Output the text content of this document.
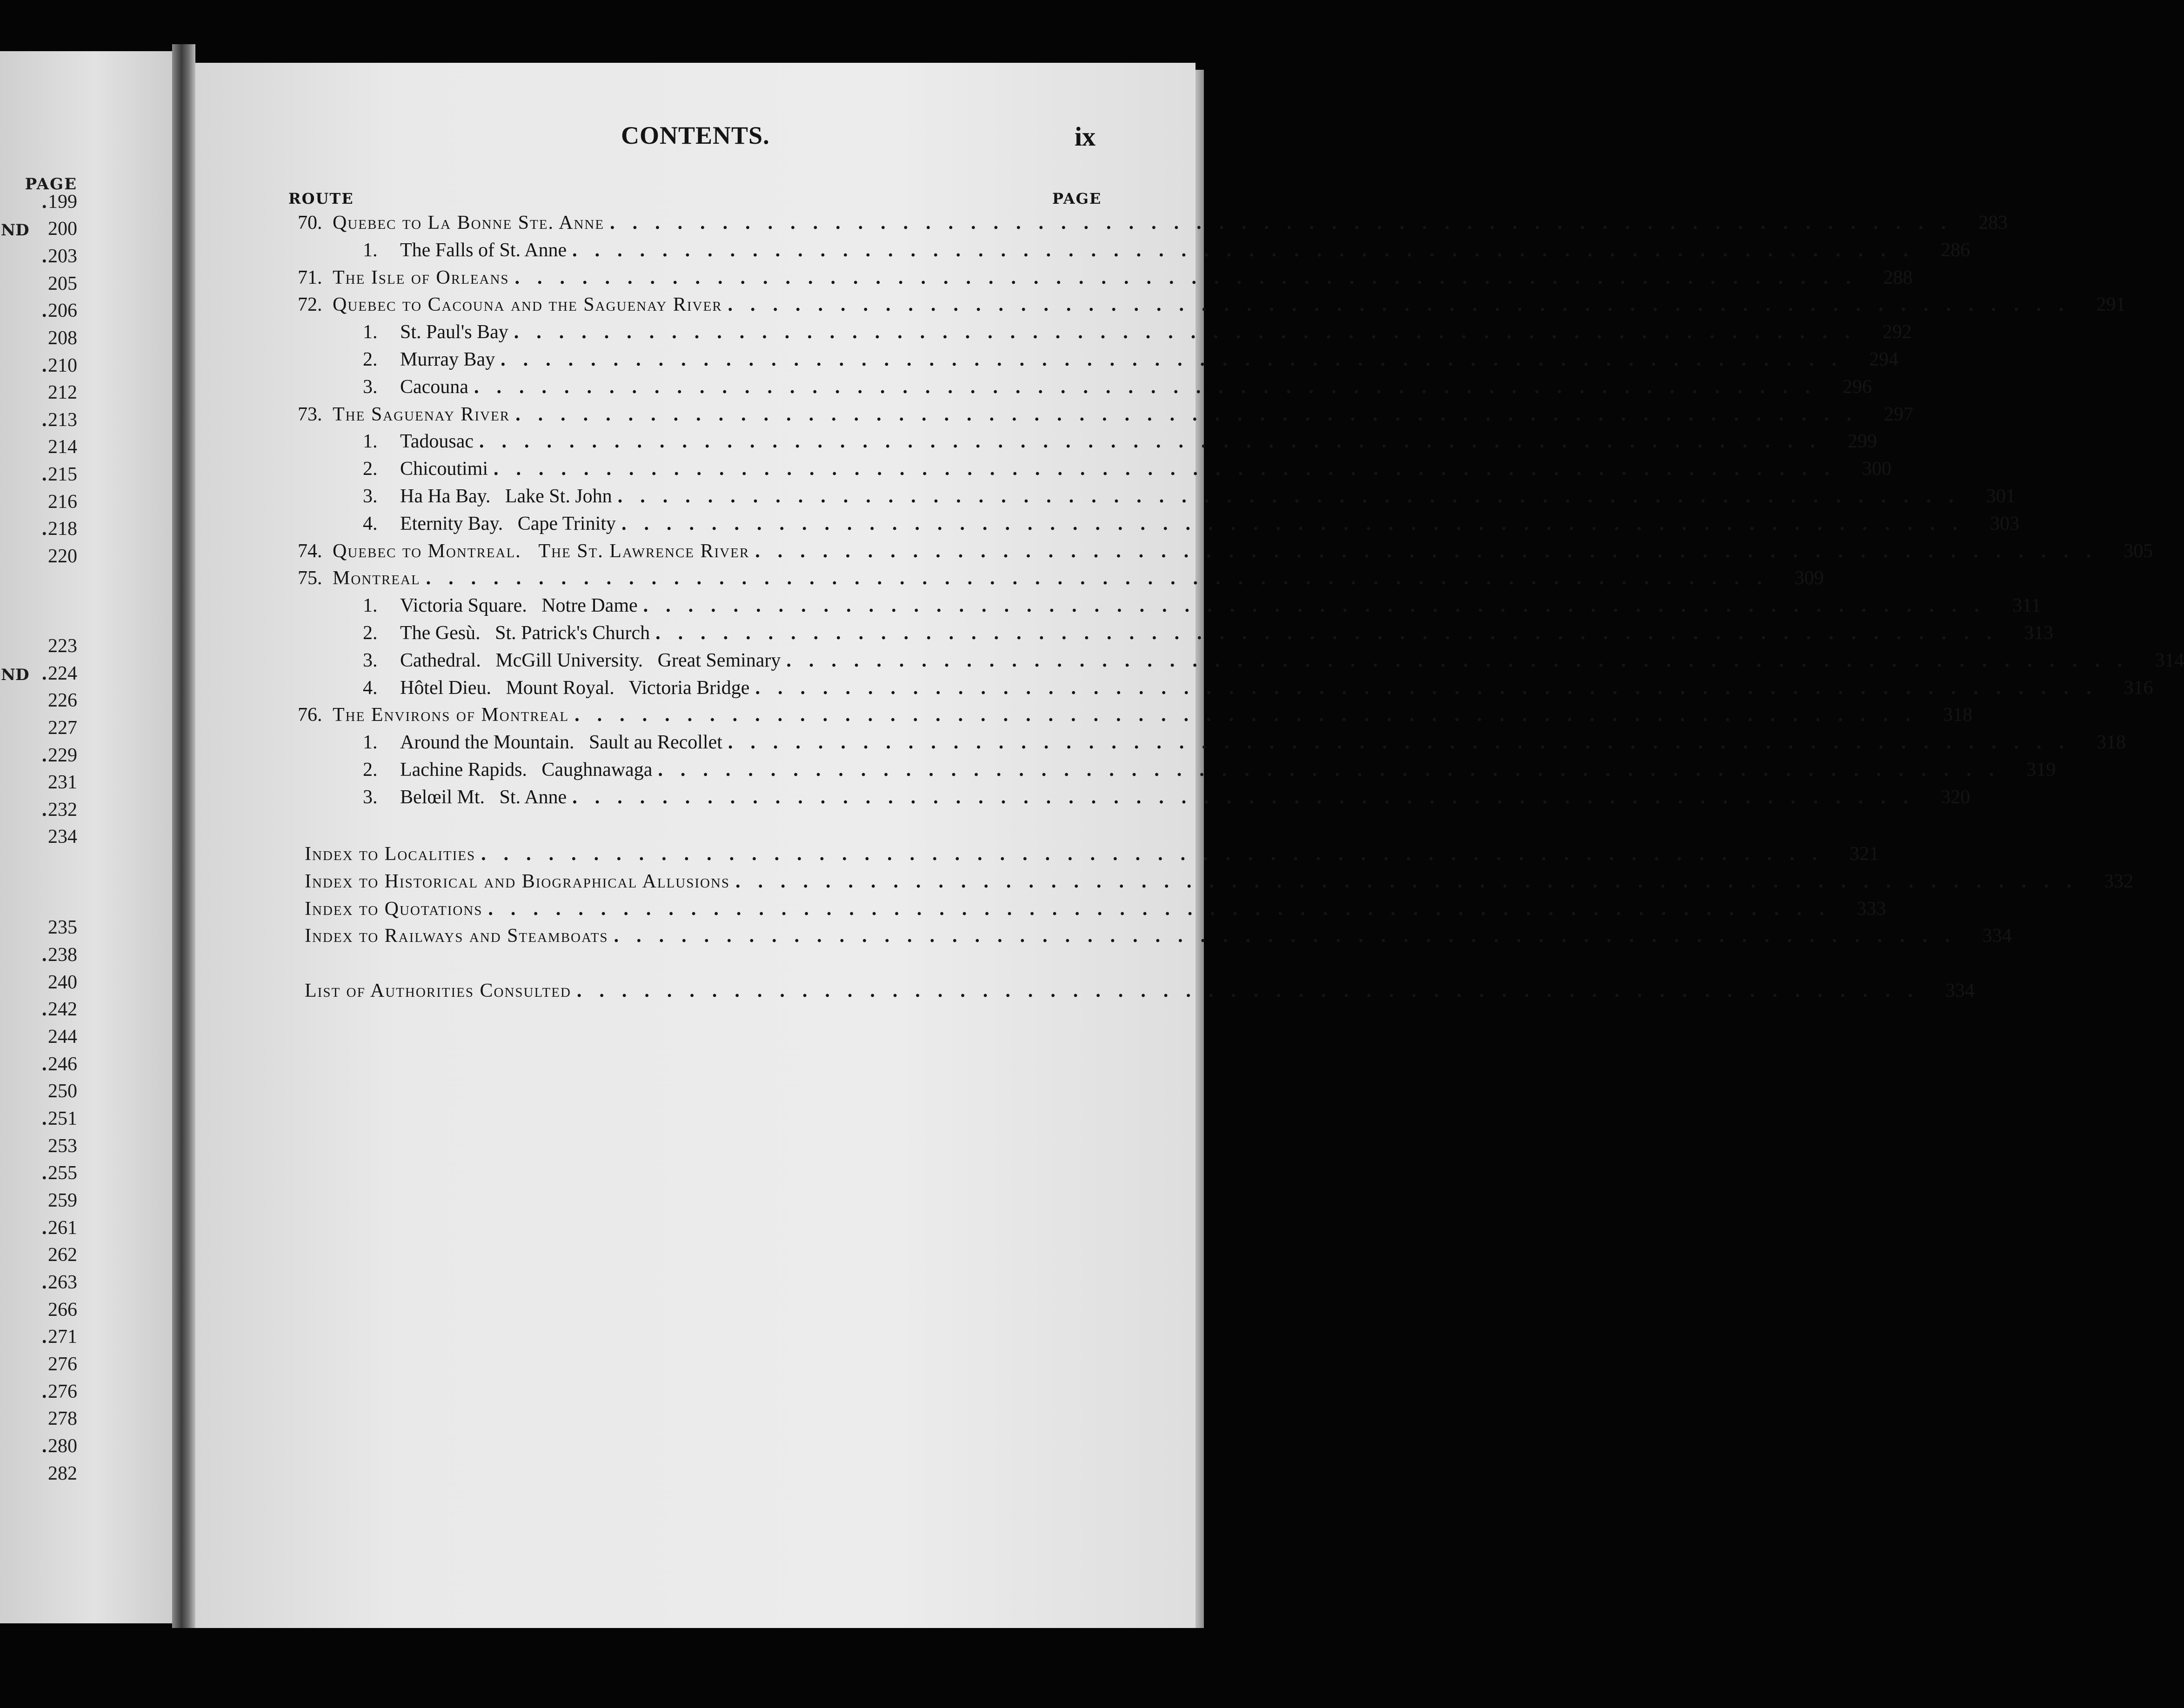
PAGE
199
.
200
203
.
205
206
.
208
210
.
212
213
.
214
215
.
216
218
.
220
223
224
.
226
227
229
.
231
232
.
234
235
238
.
240
242
.
244
246
.
250
251
.
253
255
.
259
261
.
262
263
.
266
271
.
276
276
.
278
280
.
282
ND
ND
CONTENTS.	ix
ROUTE	PAGE
70. Quebec to La Bonne Ste. Anne ............................................................ 283
1.	The Falls of St. Anne ............................................................ 286
71. The Isle of Orleans ............................................................ 288
72. Quebec to Cacouna and the Saguenay River ............................................................ 291
1.	St. Paul's Bay ............................................................ 292
2.	Murray Bay ............................................................ 294
3.	Cacouna ............................................................ 296
73. The Saguenay River ............................................................ 297
1.	Tadousac ............................................................ 299
2.	Chicoutimi ............................................................ 300
3.	Ha Ha Bay.   Lake St. John ............................................................ 301
4.	Eternity Bay.   Cape Trinity ............................................................ 303
74. Quebec to Montreal.   The St. Lawrence River ............................................................ 305
75. Montreal ............................................................ 309
1.	Victoria Square.   Notre Dame ............................................................ 311
2.	The Gesù.   St. Patrick's Church ............................................................ 313
3.	Cathedral.   McGill University.   Great Seminary ............................................................ 314
4.	Hôtel Dieu.   Mount Royal.   Victoria Bridge ............................................................ 316
76. The Environs of Montreal ............................................................ 318
1.	Around the Mountain.   Sault au Recollet ............................................................ 318
2.	Lachine Rapids.   Caughnawaga ............................................................ 319
3.	Belœil Mt.   St. Anne ............................................................ 320
Index to Localities ............................................................ 321
Index to Historical and Biographical Allusions ............................................................ 332
Index to Quotations ............................................................ 333
Index to Railways and Steamboats ............................................................ 334
List of Authorities Consulted ............................................................ 334
